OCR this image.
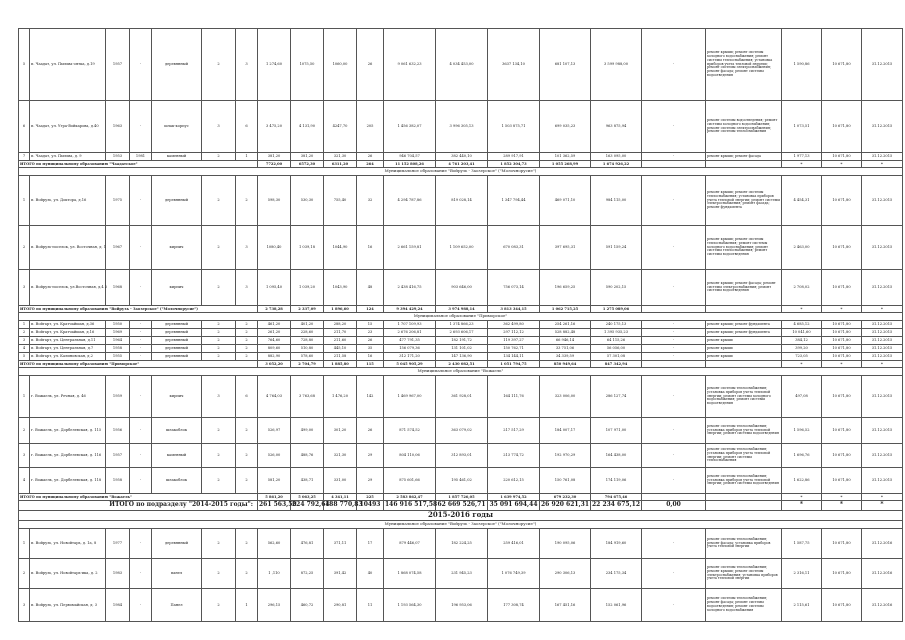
5	п. Чаадат, ул. Пыльва-оятка, д.19	1957	-	деревянный	2	3	1 274,60	1075,50	1060,00	26	9 061 632,23	4 034 453,00	3637 134,10	681 107,13	3 599 988,00	-	ремонт крыши; ремонт системы холодного водоснабжения; ремонт системы теплоснабжения; установка приборов учета тепловой энергии; ремонт системы электроснабжения; ремонт фасада; ремонт системы водоотведения	1 590,86	10 671,80	31.12.2015
6	п. Чаадат, ул. Угра-Войкарова, д.40	1963	-	шлак-корпус	3	6	3 475,20	4 131,90	4247,70	205	1 456 382,07	3 996 305,13	1 503 875,71	699 035,23	963 875,94	-	ремонт системы водоотведения; ремонт системы холодного водоснабжения; ремонт системы электроснабжения; ремонт системы теплоснабжения	1 073,51	10 671,80	31.12.2015
7	п. Чаадат, ул. Пыльва, д. 9	1953	1981	каменный	2	1	381,20	381,20	321,30	26	946 704,57	382 440,10	289 917,91	101 362,59	163 095,00	-	ремонт крыши; ремонт фасада	1 977,13	10 671,80	31.12.2015
ИТОГО по муниципальному образованию "Чаадатское"							7722,00	6572,30	6311,20	264	11 152 808,26	4 761 203,41	1 852 304,73	1 055 268,99	1 674 926,22			*	*	*
Муниципальное образование "Войрузь - Заозерское" ("Молочнорусие")																				
1	п. Войрузь, ул. Доктора, д.16	1975	-	деревянный	2	2	598,30	530,30	755,40	32	4 294 787,86	819 028,14	1 347 794,44	469 071,10	984 115,00	-	ремонт крыши; ремонт системы теплоснабжения; установка приборов учета тепловой энергии; ремонт системы электроснабжения; ремонт фасада; ремонт фундамента	4 454,31	10 671,80	31.12.2015
2	п. Войрузь-поселок, ул. Восточная, д. 1	1967	-	кирпич	2	3	1080,40	1 039,18	1044,90	16	2 661 159,81	1 109 652,00	670 083,31	397 695,31	591 159,24	-	ремонт крыши; ремонт системы теплоснабжения; ремонт системы холодного водоснабжения; ремонт системы теплоснабжения; ремонт системы водоотведения	2 463,00	10 671,80	31.12.2015
3	п. Войрузь-поселок, ул.Восточная, д.4 2	1968	-	кирпич	2	3	1 095,40	1 039,20	1043,90	48	2 438 416,75	903 646,00	756 073,14	196 659,25	590 202,15	-	ремонт крыши; ремонт фасада; ремонт системы электроснабжения; ремонт системы водоотведения	2 708,02	10 671,80	31.12.2015
ИТОГО по муниципальному образованию "Войрузь - Заозерское" ("Молочнорусие")							2 738,28	2 337,09	1 896,60	124	9 394 429,24	3 974 988,14	3 813 344,15	1 062 715,25	1 275 089,06			*	*	*
Муниципальное образование "Приморское"																				
1	п. Войгарт, ул. Кратчайшая, д.36	1950	-	деревянный	2	2	461,20	401,20	288,20	15	1 707 109,93	1 374 866,23	362 499,80	254 261,16	240 175,13	-	ремонт крыши; ремонт фундамента	4 685,12	10 671,80	31.12.2015
2	п. Войгарт, ул. Кратчайшая, д.16	1969	-	деревянный	2	2	261,20	228,60	211,70	23	2 676 206,81	2 693 606,17	297 112,12	528 882,48	1 395 935,23	-	ремонт крыши; ремонт фундамента	10 041,60	10 671,80	31.12.2015
3	п. Войгарт, ул. Центральная, д.11	1964	-	деревянный	2	2	764,60	728,80	211,60	26	477 791,35	182 191,72	119 397,27	66 946,14	64 115,26	-	ремонт крыши	384,12	10 671,80	31.12.2015
4	п. Войгарт, ул. Центральная, д.7	1958	-	деревянный	2	2	809,60	510,80	445,10	35	156 079,36	131 101,02	150 762,71	33 751,06	56 056,00	-	ремонт крыши	399,20	10 671,80	31.12.2015
5	п. Войгарт, ул. Калиновская, д.2	1955	-	деревянный	2	2	882,90	578,60	211,58	16	312 171,20	147 136,90	134 144,11	34 339,59	57 301,08	-	ремонт крыши	723,05	10 671,80	31.12.2015
ИТОГО по муниципальному образованию "Приморское"							3 052,20	2 704,79	1 885,80	115	5 045 905,29	2 430 082,51	1 051 794,75	850 949,64	847 342,94			*	*	*
Муниципальное образование "Вожаель"																				
1	г. Вожаель, ул. Речная, д. 46	1959	-	кирпич	3	6	4 764,03	3 763,68	1 476,20	142	1 469 967,00	361 928,01	164 111,76	323 006,00	286 127,74	-	ремонт системы теплоснабжения; установка приборов учета тепловой энергии; ремонт системы холодного водоснабжения; ремонт системы водоотведения	497,08	10 671,80	31.12.2015
2	г. Вожаель, ул. Дорбелевская, д. 115	1956	-	шлакоблок	2	2	526,97	499,00	301,20	26	871 574,52	363 079,02	217 517,29	184 007,17	107 971,00	-	ремонт системы теплоснабжения; установка приборов учета тепловой энергии; ремонт системы водоотведения	1 596,52	10 671,80	31.12.2015
3	г. Вожаель, ул. Дорбелевская, д. 116	1957	-	каменный	2	2	526,00	488,76	321,30	29	804 110,06	312 893,01	213 774,72	192 970,29	164 438,00	-	ремонт системы теплоснабжения; установка приборов учета тепловой энергии; ремонт системы теплоснабжения	1 696,76	10 671,80	31.12.2015
4	г. Вожаель, ул. Дорбелевская, д. 118	1958	-	шлакоблок	2	2	581,20	438,71	331,00	29	875 601,66	195 461,02	220 612,15	150 761,08	174 119,06	-	ремонт системы теплоснабжения; установка приборов учета тепловой энергии; ремонт системы водоотведения	1 622,86	10 671,80	31.12.2015
ИТОГО по муниципальному образованию "Вожаель"							5 861,20	5 063,25	4 341,11	225	2 583 862,47	1 857 726,05	1 639 974,52	679 232,30	794 675,46			*	*	*
ИТОГО по подразделу "2014-2015 годы":							261 563,50	224 792,64	188 770,83	10493	146 916 517,58	62 669 526,71	35 091 694,44	26 920 621,31	22 234 675,12	0,00		*	*	*
2015-2016 годы																				
Муниципальное образование "Войрузь - Заозерское" ("Молочнорусие")																				
1	п. Войрузь, ул. Новойтарь, д. 1а, 8	1977	-	деревянный	2	2	562,60	476,81	371,11	17	879 446,07	182 224,25	259 416,01	190 095,06	184 919,60	-	ремонт системы теплоснабжения; ремонт фасада; установка приборов учета тепловой энергии	1 587,75	10 671,80	31.12.2016
2	п. Войрузь, ул. Новойтарь-ика, д. 2	1983	-	панел	2	2	1 ,110	872,25	391,42	40	1 868 074,58	231 945,23	1 076 749,39	290 306,13	234 175,34	-	ремонт системы теплоснабжения; ремонт крыши; ремонт системы электроснабжения; установка приборов учета тепловой энергии	2 316,11	10 671,80	31.12.2016
3	п. Войрузь, ул. Первомайская, д. 3	1984	-	Панел	2	1	296,15	460,72	290,81	11	1 193 564,30	196 953,06	177 308,74	167 451,16	152 061,96	-	ремонт системы теплоснабжения; ремонт фасада; ремонт системы водоотведения; ремонт системы холодного водоснабжения	2 115,61	10 671,80	31.12.2016
